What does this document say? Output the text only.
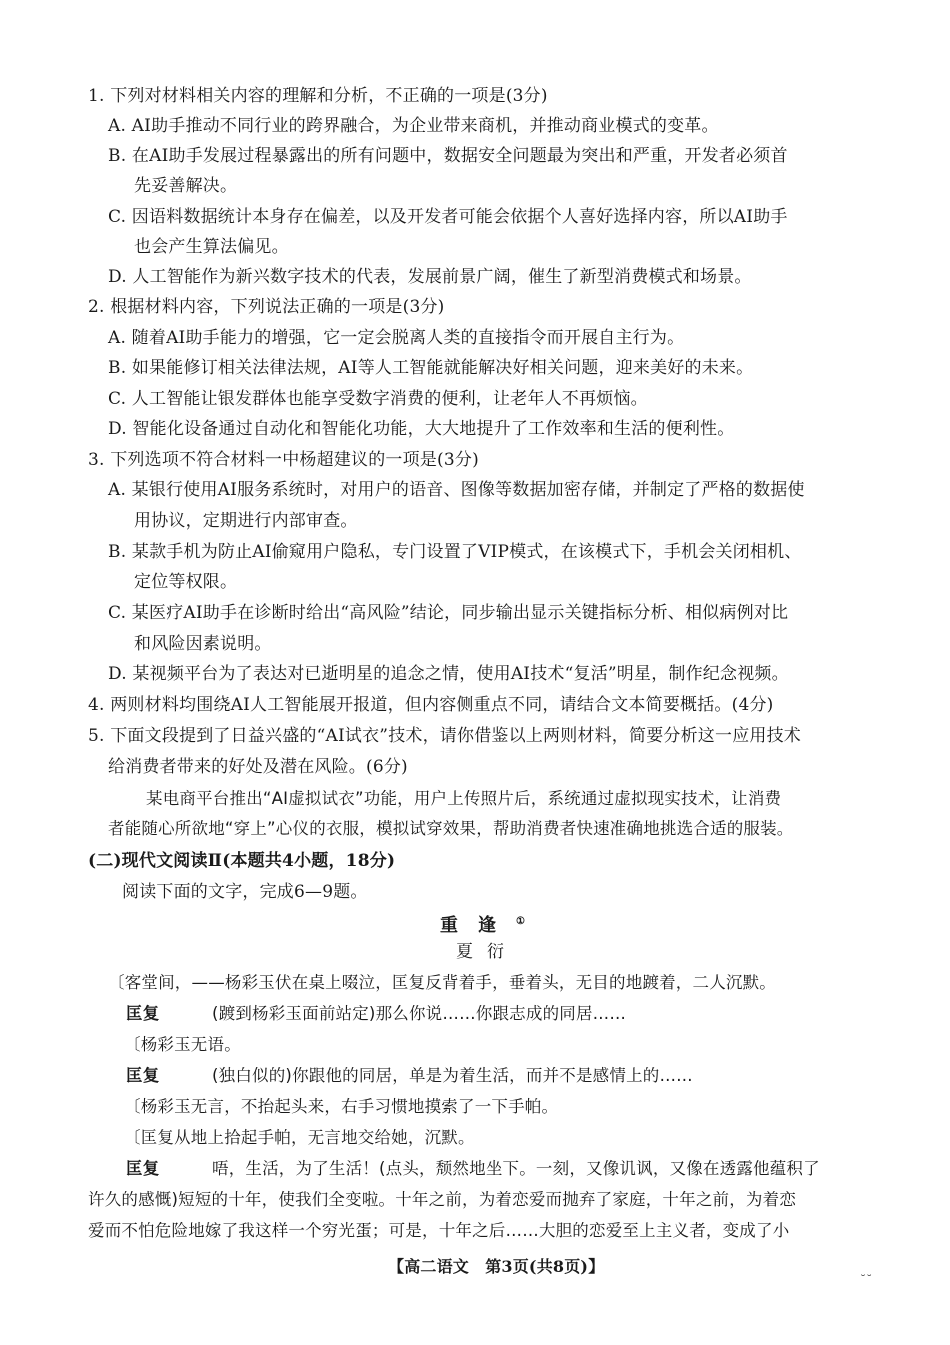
1. 下列对材料相关内容的理解和分析，不正确的一项是(3分)
A. AI助手推动不同行业的跨界融合，为企业带来商机，并推动商业模式的变革。
B. 在AI助手发展过程暴露出的所有问题中，数据安全问题最为突出和严重，开发者必须首
先妥善解决。
C. 因语料数据统计本身存在偏差，以及开发者可能会依据个人喜好选择内容，所以AI助手
也会产生算法偏见。
D. 人工智能作为新兴数字技术的代表，发展前景广阔，催生了新型消费模式和场景。
2. 根据材料内容，下列说法正确的一项是(3分)
A. 随着AI助手能力的增强，它一定会脱离人类的直接指令而开展自主行为。
B. 如果能修订相关法律法规，AI等人工智能就能解决好相关问题，迎来美好的未来。
C. 人工智能让银发群体也能享受数字消费的便利，让老年人不再烦恼。
D. 智能化设备通过自动化和智能化功能，大大地提升了工作效率和生活的便利性。
3. 下列选项不符合材料一中杨超建议的一项是(3分)
A. 某银行使用AI服务系统时，对用户的语音、图像等数据加密存储，并制定了严格的数据使
用协议，定期进行内部审查。
B. 某款手机为防止AI偷窥用户隐私，专门设置了VIP模式，在该模式下，手机会关闭相机、
定位等权限。
C. 某医疗AI助手在诊断时给出“高风险”结论，同步输出显示关键指标分析、相似病例对比
和风险因素说明。
D. 某视频平台为了表达对已逝明星的追念之情，使用AI技术“复活”明星，制作纪念视频。
4. 两则材料均围绕AI人工智能展开报道，但内容侧重点不同，请结合文本简要概括。(4分)
5. 下面文段提到了日益兴盛的“AI试衣”技术，请你借鉴以上两则材料，简要分析这一应用技术
给消费者带来的好处及潜在风险。(6分)
某电商平台推出“AI虚拟试衣”功能，用户上传照片后，系统通过虚拟现实技术，让消费
者能随心所欲地“穿上”心仪的衣服，模拟试穿效果，帮助消费者快速准确地挑选合适的服装。
(二)现代文阅读Ⅱ(本题共4小题，18分)
阅读下面的文字，完成6—9题。
重逢①
夏衍
〔客堂间，——杨彩玉伏在桌上啜泣，匡复反背着手，垂着头，无目的地踱着，二人沉默。
匡复	(踱到杨彩玉面前站定)那么你说……你跟志成的同居……
〔杨彩玉无语。
匡复	(独白似的)你跟他的同居，单是为着生活，而并不是感情上的……
〔杨彩玉无言，不抬起头来，右手习惯地摸索了一下手帕。
〔匡复从地上拾起手帕，无言地交给她，沉默。
匡复	唔，生活，为了生活！(点头，颓然地坐下。一刻，又像讥讽，又像在透露他蕴积了
许久的感慨)短短的十年，使我们全变啦。十年之前，为着恋爱而抛弃了家庭，十年之前，为着恋
爱而不怕危险地嫁了我这样一个穷光蛋；可是，十年之后……大胆的恋爱至上主义者，变成了小
【高二语文　第3页(共8页)】
˘˘
